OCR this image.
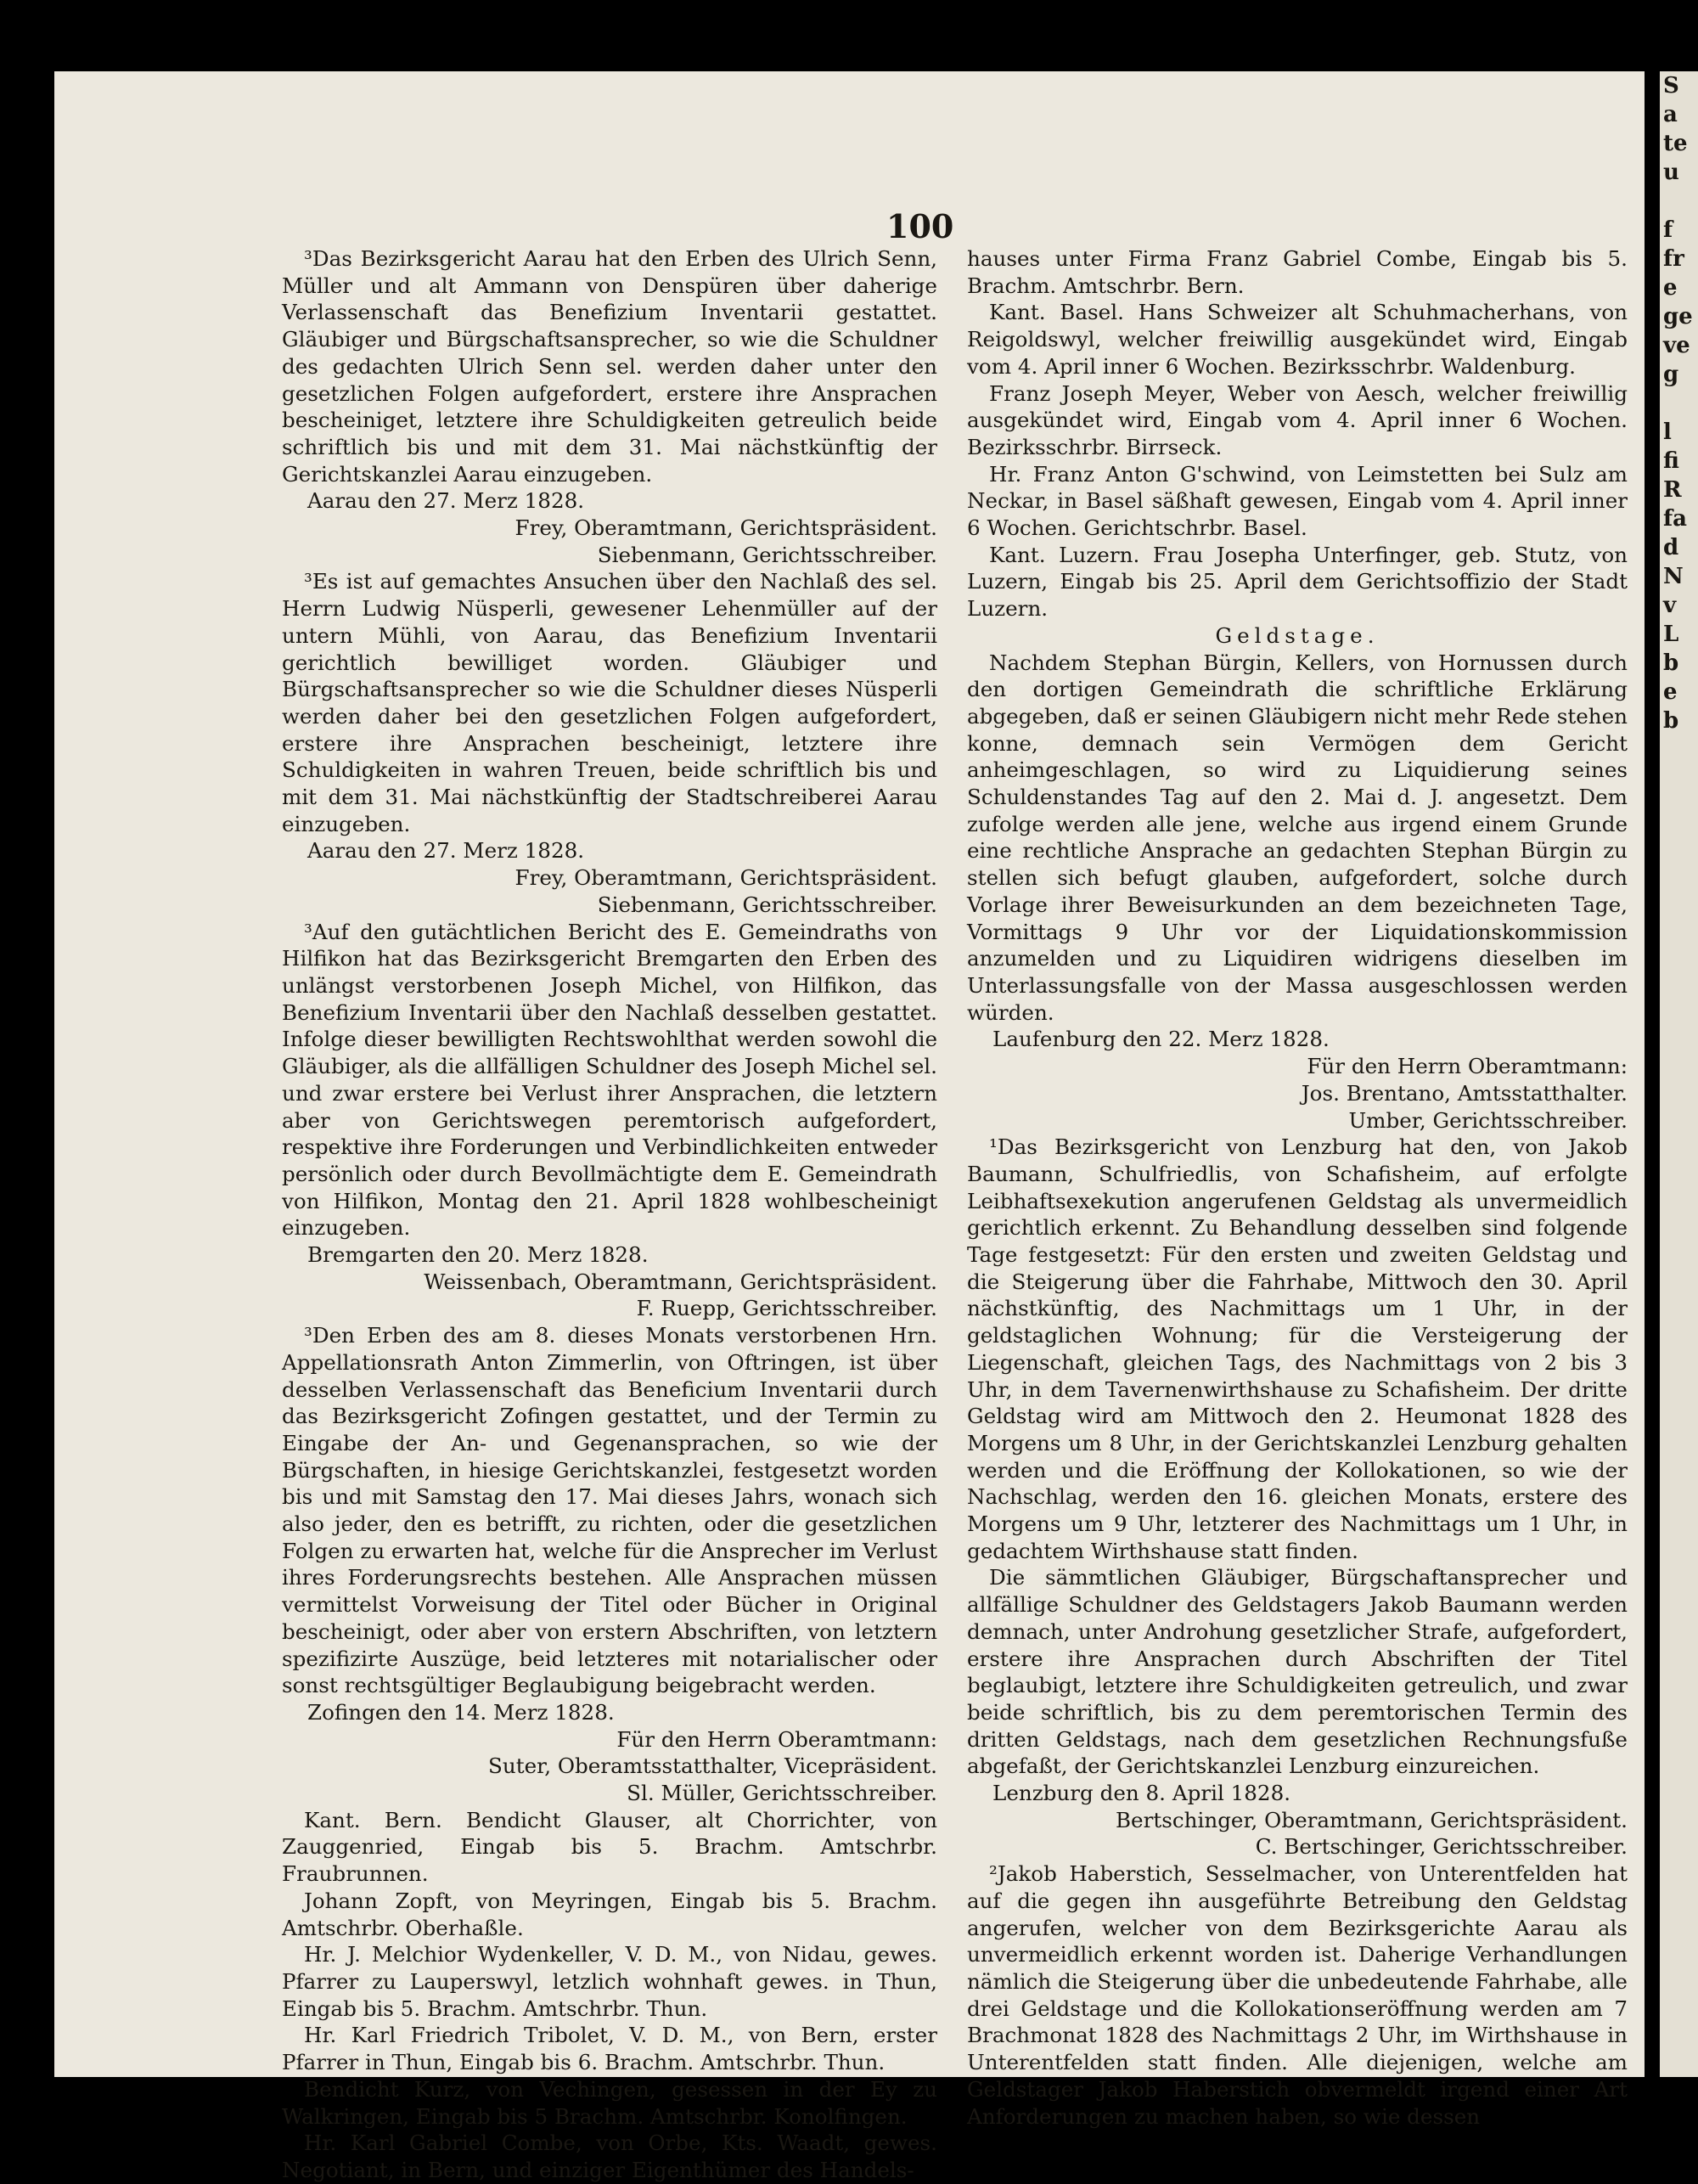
100

³Das Bezirksgericht Aarau hat den Erben des Ulrich Senn, Müller und alt Ammann von Denspüren über daherige Verlassenschaft das Benefizium Inventarii gestattet. Gläubiger und Bürgschaftsansprecher, so wie die Schuldner des gedachten Ulrich Senn sel. werden daher unter den gesetzlichen Folgen aufgefordert, erstere ihre Ansprachen bescheiniget, letztere ihre Schuldigkeiten getreulich beide schriftlich bis und mit dem 31. Mai nächstkünftig der Gerichtskanzlei Aarau einzugeben.

Aarau den 27. Merz 1828.

Frey, Oberamtmann, Gerichtspräsident.

Siebenmann, Gerichtsschreiber.

³Es ist auf gemachtes Ansuchen über den Nachlaß des sel. Herrn Ludwig Nüsperli, gewesener Lehenmüller auf der untern Mühli, von Aarau, das Benefizium Inventarii gerichtlich bewilliget worden. Gläubiger und Bürgschaftsansprecher so wie die Schuldner dieses Nüsperli werden daher bei den gesetzlichen Folgen aufgefordert, erstere ihre Ansprachen bescheinigt, letztere ihre Schuldigkeiten in wahren Treuen, beide schriftlich bis und mit dem 31. Mai nächstkünftig der Stadtschreiberei Aarau einzugeben.

Aarau den 27. Merz 1828.

Frey, Oberamtmann, Gerichtspräsident.

Siebenmann, Gerichtsschreiber.

³Auf den gutächtlichen Bericht des E. Gemeindraths von Hilfikon hat das Bezirksgericht Bremgarten den Erben des unlängst verstorbenen Joseph Michel, von Hilfikon, das Benefizium Inventarii über den Nachlaß desselben gestattet. Infolge dieser bewilligten Rechtswohlthat werden sowohl die Gläubiger, als die allfälligen Schuldner des Joseph Michel sel. und zwar erstere bei Verlust ihrer Ansprachen, die letztern aber von Gerichtswegen peremtorisch aufgefordert, respektive ihre Forderungen und Verbindlichkeiten entweder persönlich oder durch Bevollmächtigte dem E. Gemeindrath von Hilfikon, Montag den 21. April 1828 wohlbescheinigt einzugeben.

Bremgarten den 20. Merz 1828.

Weissenbach, Oberamtmann, Gerichtspräsident.

F. Ruepp, Gerichtsschreiber.

³Den Erben des am 8. dieses Monats verstorbenen Hrn. Appellationsrath Anton Zimmerlin, von Oftringen, ist über desselben Verlassenschaft das Beneficium Inventarii durch das Bezirksgericht Zofingen gestattet, und der Termin zu Eingabe der An- und Gegenansprachen, so wie der Bürgschaften, in hiesige Gerichtskanzlei, festgesetzt worden bis und mit Samstag den 17. Mai dieses Jahrs, wonach sich also jeder, den es betrifft, zu richten, oder die gesetzlichen Folgen zu erwarten hat, welche für die Ansprecher im Verlust ihres Forderungsrechts bestehen. Alle Ansprachen müssen vermittelst Vorweisung der Titel oder Bücher in Original bescheinigt, oder aber von erstern Abschriften, von letztern spezifizirte Auszüge, beid letzteres mit notarialischer oder sonst rechtsgültiger Beglaubigung beigebracht werden.

Zofingen den 14. Merz 1828.

Für den Herrn Oberamtmann:

Suter, Oberamtsstatthalter, Vicepräsident.

Sl. Müller, Gerichtsschreiber.

Kant. Bern. Bendicht Glauser, alt Chorrichter, von Zauggenried, Eingab bis 5. Brachm. Amtschrbr. Fraubrunnen.

Johann Zopft, von Meyringen, Eingab bis 5. Brachm. Amtschrbr. Oberhaßle.

Hr. J. Melchior Wydenkeller, V. D. M., von Nidau, gewes. Pfarrer zu Lauperswyl, letzlich wohnhaft gewes. in Thun, Eingab bis 5. Brachm. Amtschrbr. Thun.

Hr. Karl Friedrich Tribolet, V. D. M., von Bern, erster Pfarrer in Thun, Eingab bis 6. Brachm. Amtschrbr. Thun.

Bendicht Kurz, von Vechingen, gesessen in der Ey zu Walkringen, Eingab bis 5 Brachm. Amtschrbr. Konolfingen.

Hr. Karl Gabriel Combe, von Orbe, Kts. Waadt, gewes. Negotiant, in Bern, und einziger Eigenthümer des Handels-

hauses unter Firma Franz Gabriel Combe, Eingab bis 5. Brachm. Amtschrbr. Bern.

Kant. Basel. Hans Schweizer alt Schuhmacherhans, von Reigoldswyl, welcher freiwillig ausgekündet wird, Eingab vom 4. April inner 6 Wochen. Bezirksschrbr. Waldenburg.

Franz Joseph Meyer, Weber von Aesch, welcher freiwillig ausgekündet wird, Eingab vom 4. April inner 6 Wochen. Bezirksschrbr. Birrseck.

Hr. Franz Anton G'schwind, von Leimstetten bei Sulz am Neckar, in Basel säßhaft gewesen, Eingab vom 4. April inner 6 Wochen. Gerichtschrbr. Basel.

Kant. Luzern. Frau Josepha Unterfinger, geb. Stutz, von Luzern, Eingab bis 25. April dem Gerichtsoffizio der Stadt Luzern.

Geldstage.

Nachdem Stephan Bürgin, Kellers, von Hornussen durch den dortigen Gemeindrath die schriftliche Erklärung abgegeben, daß er seinen Gläubigern nicht mehr Rede stehen konne, demnach sein Vermögen dem Gericht anheimgeschlagen, so wird zu Liquidierung seines Schuldenstandes Tag auf den 2. Mai d. J. angesetzt. Dem zufolge werden alle jene, welche aus irgend einem Grunde eine rechtliche Ansprache an gedachten Stephan Bürgin zu stellen sich befugt glauben, aufgefordert, solche durch Vorlage ihrer Beweisurkunden an dem bezeichneten Tage, Vormittags 9 Uhr vor der Liquidationskommission anzumelden und zu Liquidiren widrigens dieselben im Unterlassungsfalle von der Massa ausgeschlossen werden würden.

Laufenburg den 22. Merz 1828.

Für den Herrn Oberamtmann:

Jos. Brentano, Amtsstatthalter.

Umber, Gerichtsschreiber.

¹Das Bezirksgericht von Lenzburg hat den, von Jakob Baumann, Schulfriedlis, von Schafisheim, auf erfolgte Leibhaftsexekution angerufenen Geldstag als unvermeidlich gerichtlich erkennt. Zu Behandlung desselben sind folgende Tage festgesetzt: Für den ersten und zweiten Geldstag und die Steigerung über die Fahrhabe, Mittwoch den 30. April nächstkünftig, des Nachmittags um 1 Uhr, in der geldstaglichen Wohnung; für die Versteigerung der Liegenschaft, gleichen Tags, des Nachmittags von 2 bis 3 Uhr, in dem Tavernenwirthshause zu Schafisheim. Der dritte Geldstag wird am Mittwoch den 2. Heumonat 1828 des Morgens um 8 Uhr, in der Gerichtskanzlei Lenzburg gehalten werden und die Eröffnung der Kollokationen, so wie der Nachschlag, werden den 16. gleichen Monats, erstere des Morgens um 9 Uhr, letzterer des Nachmittags um 1 Uhr, in gedachtem Wirthshause statt finden.

Die sämmtlichen Gläubiger, Bürgschaftansprecher und allfällige Schuldner des Geldstagers Jakob Baumann werden demnach, unter Androhung gesetzlicher Strafe, aufgefordert, erstere ihre Ansprachen durch Abschriften der Titel beglaubigt, letztere ihre Schuldigkeiten getreulich, und zwar beide schriftlich, bis zu dem peremtorischen Termin des dritten Geldstags, nach dem gesetzlichen Rechnungsfuße abgefaßt, der Gerichtskanzlei Lenzburg einzureichen.

Lenzburg den 8. April 1828.

Bertschinger, Oberamtmann, Gerichtspräsident.

C. Bertschinger, Gerichtsschreiber.

²Jakob Haberstich, Sesselmacher, von Unterentfelden hat auf die gegen ihn ausgeführte Betreibung den Geldstag angerufen, welcher von dem Bezirksgerichte Aarau als unvermeidlich erkennt worden ist. Daherige Verhandlungen nämlich die Steigerung über die unbedeutende Fahrhabe, alle drei Geldstage und die Kollokationseröffnung werden am 7 Brachmonat 1828 des Nachmittags 2 Uhr, im Wirthshause in Unterentfelden statt finden. Alle diejenigen, welche am Geldstager Jakob Haberstich obvermeldt irgend einer Art Anforderungen zu machen haben, so wie dessen

S
a
te
u

f
fr
e
ge
ve
g

l
fi
R
fa
d
N
v
L
b
e
b
